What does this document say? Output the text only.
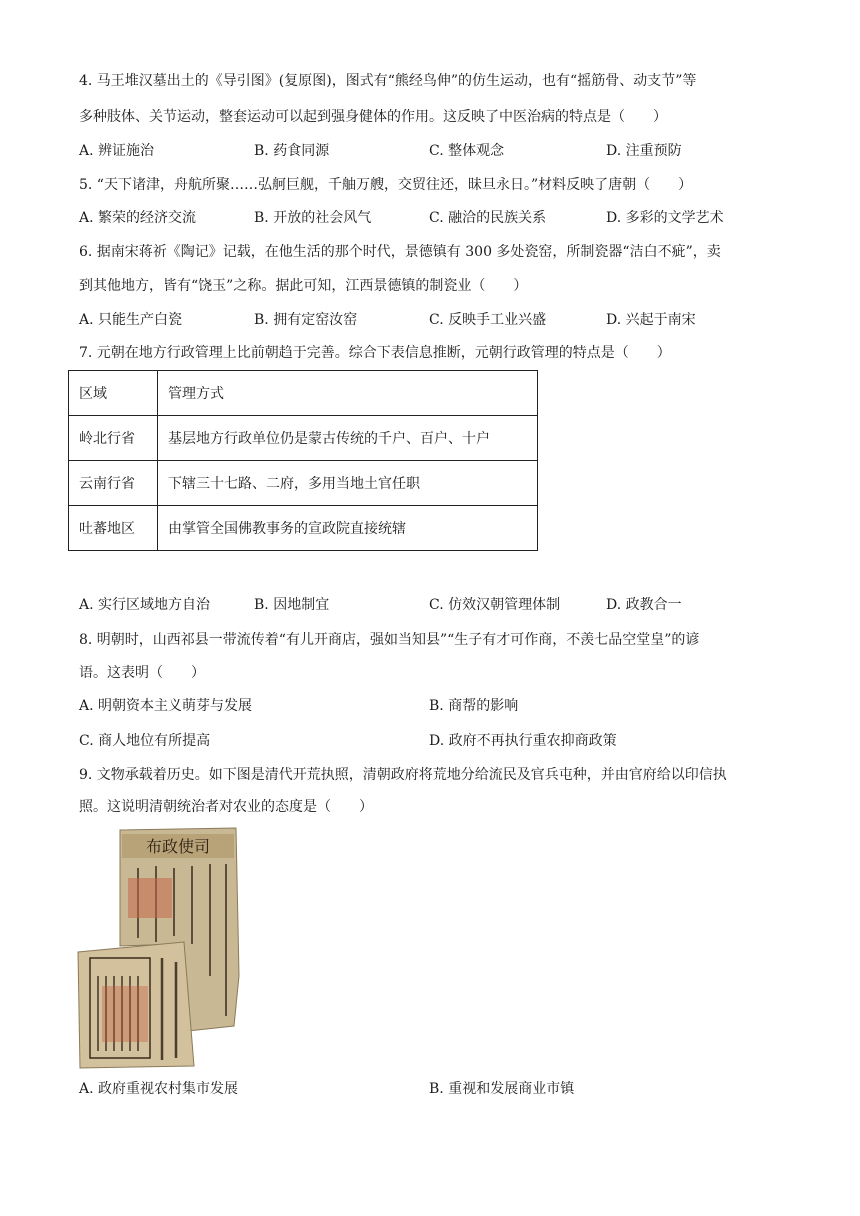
4. 马王堆汉墓出土的《导引图》(复原图)，图式有“熊经鸟伸”的仿生运动，也有“摇筋骨、动支节”等
多种肢体、关节运动，整套运动可以起到强身健体的作用。这反映了中医治病的特点是（　　）
A. 辨证施治	B. 药食同源	C. 整体观念	D. 注重预防
5. “天下诸津，舟航所聚……弘舸巨舰，千舳万艘，交贸往还，昧旦永日。”材料反映了唐朝（　　）
A. 繁荣的经济交流	B. 开放的社会风气	C. 融洽的民族关系	D. 多彩的文学艺术
6. 据南宋蒋祈《陶记》记载，在他生活的那个时代，景德镇有 300 多处瓷窑，所制瓷器“洁白不疵”，卖
到其他地方，皆有“饶玉”之称。据此可知，江西景德镇的制瓷业（　　）
A. 只能生产白瓷	B. 拥有定窑汝窑	C. 反映手工业兴盛	D. 兴起于南宋
7. 元朝在地方行政管理上比前朝趋于完善。综合下表信息推断，元朝行政管理的特点是（　　）
区域	管理方式
岭北行省	基层地方行政单位仍是蒙古传统的千户、百户、十户
云南行省	下辖三十七路、二府，多用当地土官任职
吐蕃地区	由掌管全国佛教事务的宣政院直接统辖
A. 实行区域地方自治	B. 因地制宜	C. 仿效汉朝管理体制	D. 政教合一
8. 明朝时，山西祁县一带流传着“有儿开商店，强如当知县”“生子有才可作商，不羡七品空堂皇”的谚
语。这表明（　　）
A. 明朝资本主义萌芽与发展	B. 商帮的影响
C. 商人地位有所提高	D. 政府不再执行重农抑商政策
9. 文物承载着历史。如下图是清代开荒执照，清朝政府将荒地分给流民及官兵屯种，并由官府给以印信执
照。这说明清朝统治者对农业的态度是（　　）
布政使司
A. 政府重视农村集市发展	B. 重视和发展商业市镇
